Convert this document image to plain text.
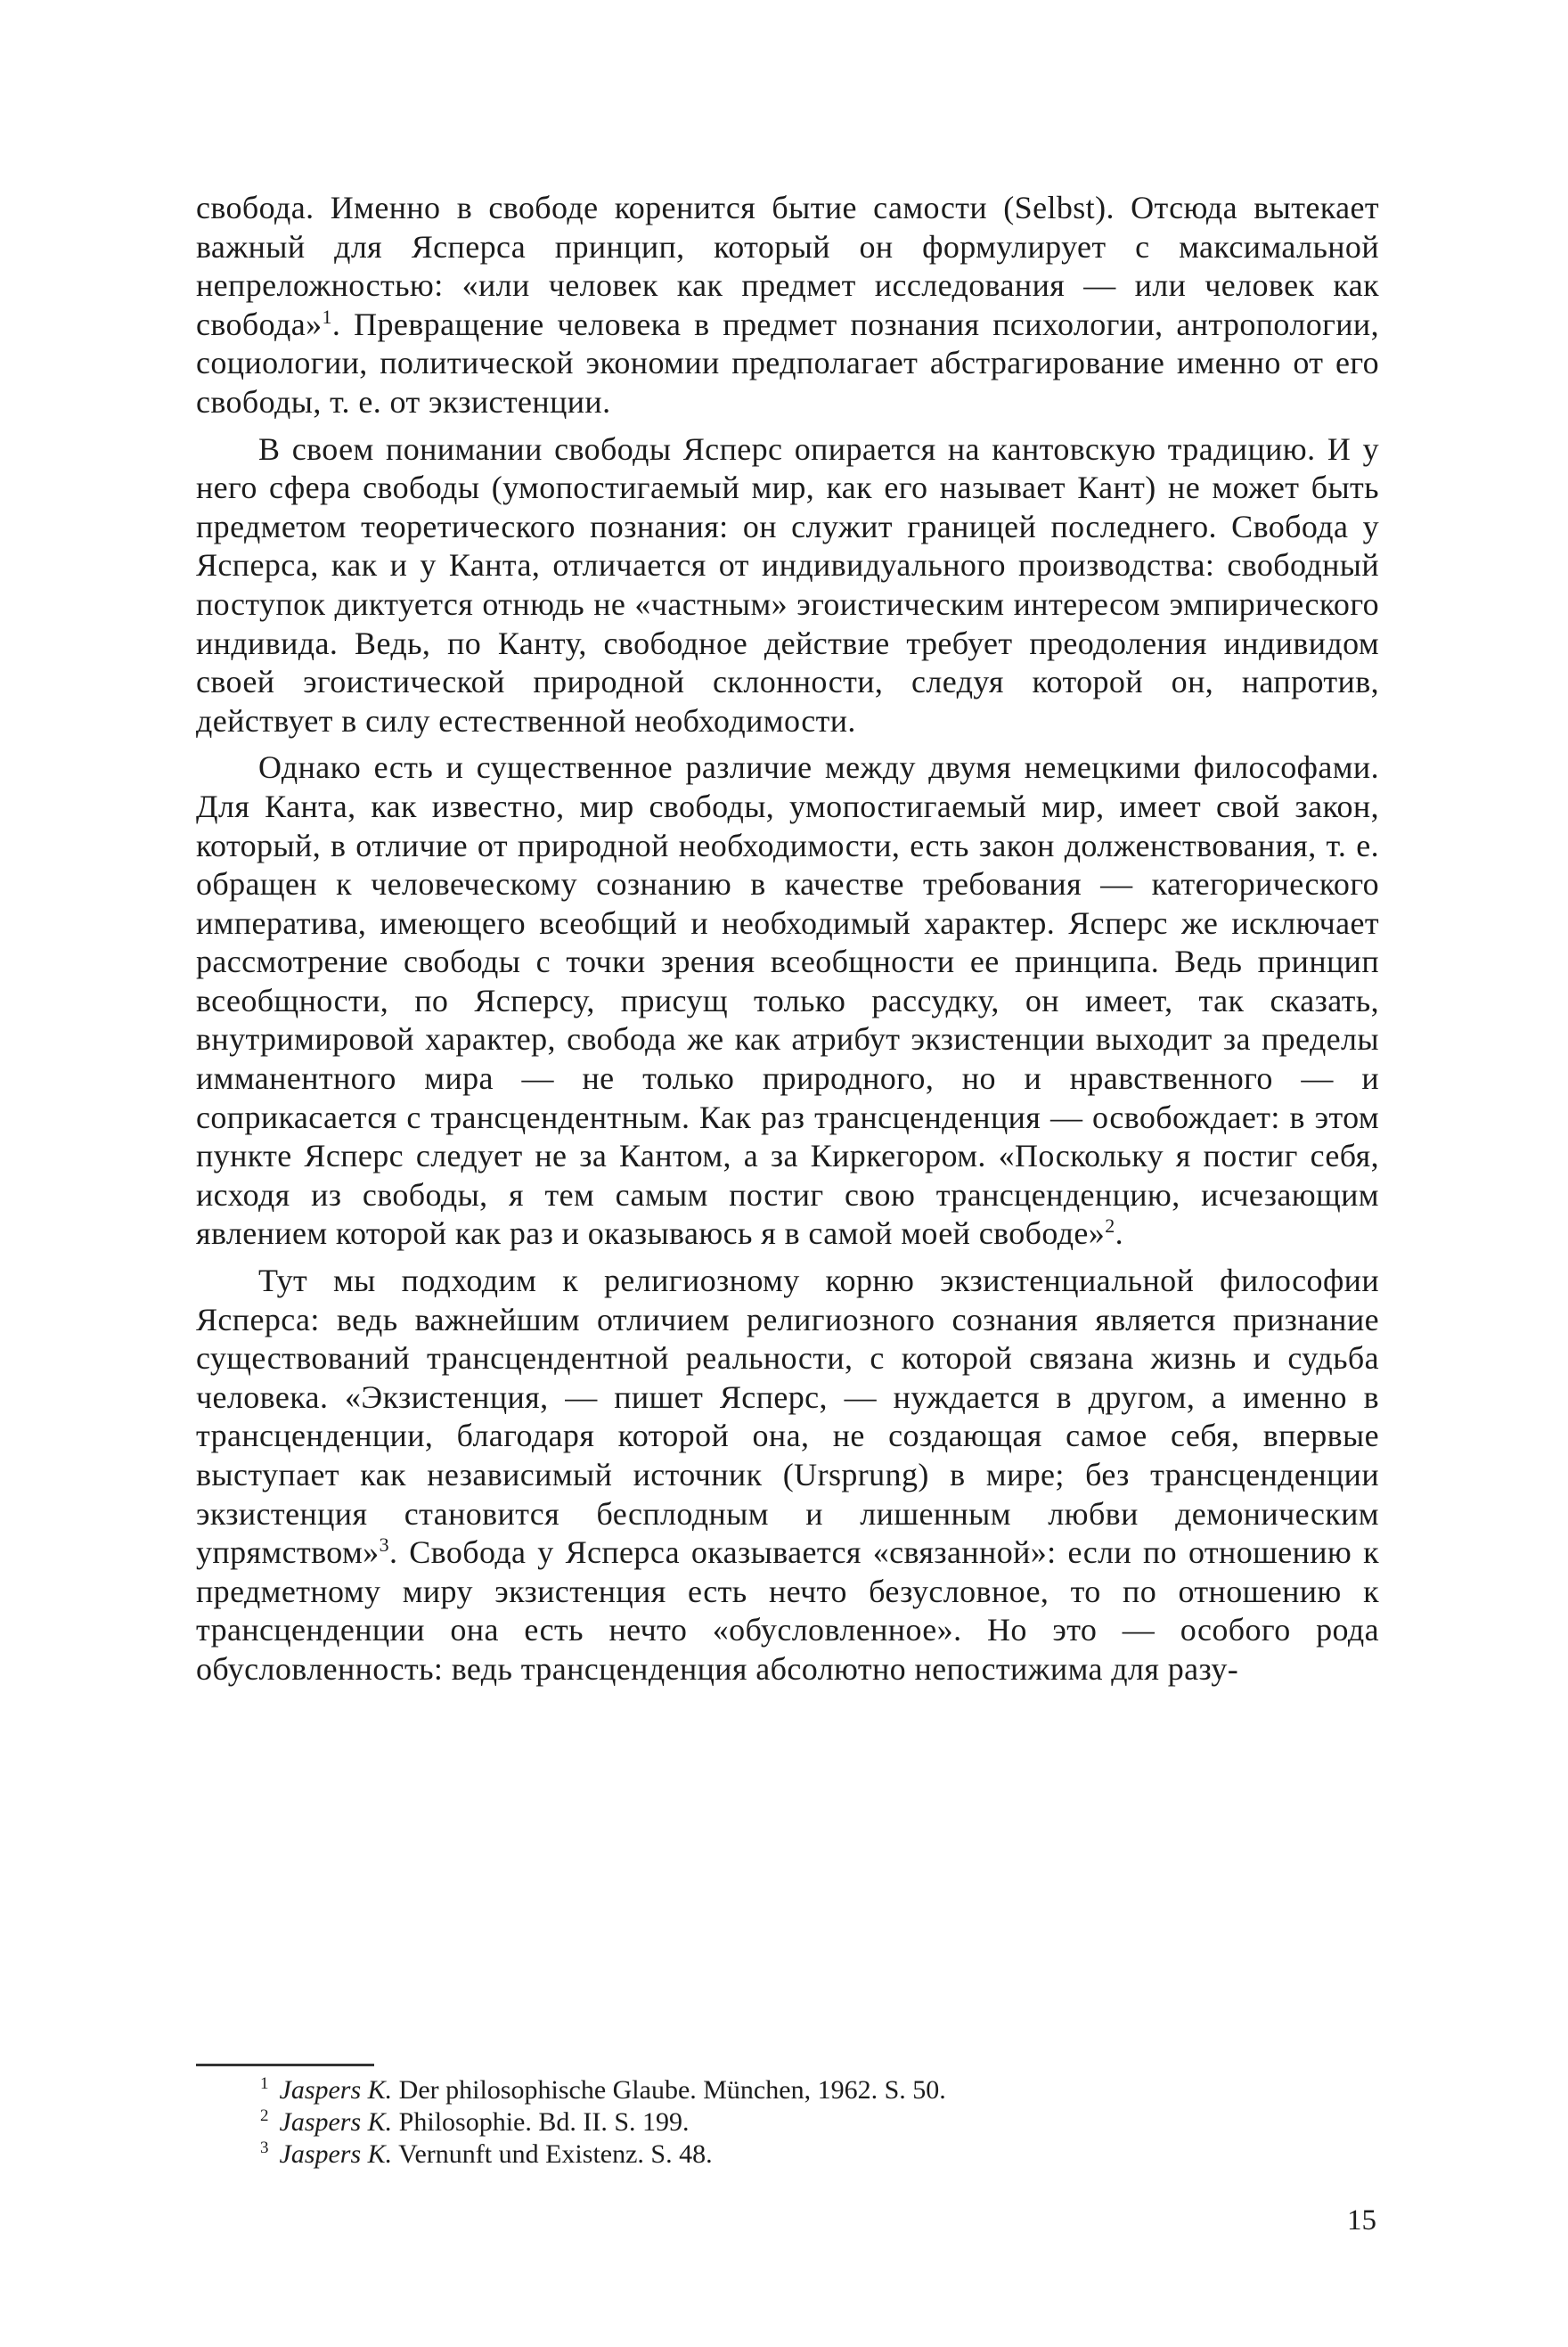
свобода. Именно в свободе коренится бытие самости (Selbst). Отсюда вытекает важный для Ясперса принцип, который он формулирует с максимальной непреложностью: «или человек как предмет исследования — или человек как свобода»$^1$. Превращение человека в предмет познания психологии, антропологии, социологии, политической экономии предполагает абстрагирование именно от его свободы, т. е. от экзистенции.

В своем понимании свободы Ясперс опирается на кантовскую традицию. И у него сфера свободы (умопостигаемый мир, как его называет Кант) не может быть предметом теоретического познания: он служит границей последнего. Свобода у Ясперса, как и у Канта, отличается от индивидуального производства: свободный поступок диктуется отнюдь не «частным» эгоистическим интересом эмпирического индивида. Ведь, по Канту, свободное действие требует преодоления индивидом своей эгоистической природной склонности, следуя которой он, напротив, действует в силу естественной необходимости.

Однако есть и существенное различие между двумя немецкими философами. Для Канта, как известно, мир свободы, умопостигаемый мир, имеет свой закон, который, в отличие от природной необходимости, есть закон долженствования, т. е. обращен к человеческому сознанию в качестве требования — категорического императива, имеющего всеобщий и необходимый характер. Ясперс же исключает рассмотрение свободы с точки зрения всеобщности ее принципа. Ведь принцип всеобщности, по Ясперсу, присущ только рассудку, он имеет, так сказать, внутримировой характер, свобода же как атрибут экзистенции выходит за пределы имманентного мира — не только природного, но и нравственного — и соприкасается с трансцендентным. Как раз трансценденция — освобождает: в этом пункте Ясперс следует не за Кантом, а за Киркегором. «Поскольку я постиг себя, исходя из свободы, я тем самым постиг свою трансценденцию, исчезающим явлением которой как раз и оказываюсь я в самой моей свободе»$^2$.

Тут мы подходим к религиозному корню экзистенциальной философии Ясперса: ведь важнейшим отличием религиозного сознания является признание существований трансцендентной реальности, с которой связана жизнь и судьба человека. «Экзистенция, — пишет Ясперс, — нуждается в другом, а именно в трансценденции, благодаря которой она, не создающая самое себя, впервые выступает как независимый источник (Ursprung) в мире; без трансценденции экзистенция становится бесплодным и лишенным любви демоническим упрямством»$^3$. Свобода у Ясперса оказывается «связанной»: если по отношению к предметному миру экзистенция есть нечто безусловное, то по отношению к трансценденции она есть нечто «обусловленное». Но это — особого рода обусловленность: ведь трансценденция абсолютно непостижима для разу-

$^1$ Jaspers K. Der philosophische Glaube. München, 1962. S. 50.

$^2$ Jaspers K. Philosophie. Bd. II. S. 199.

$^3$ Jaspers K. Vernunft und Existenz. S. 48.

15
